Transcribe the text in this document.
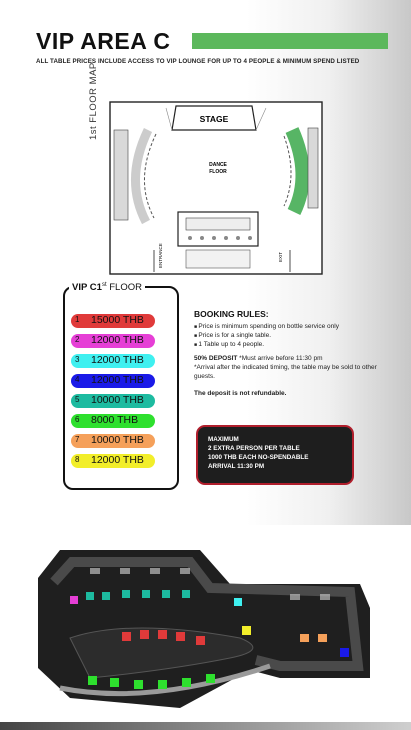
VIP AREA C
ALL TABLE PRICES INCLUDE ACCESS TO VIP LOUNGE FOR UP TO 4 PEOPLE & MINIMUM SPEND LISTED
1st FLOOR MAP	STAGE
DANCE
FLOOR
ENTRANCE	EXIT
VIP C1st FLOOR
1 15000 THB
2 12000 THB
3 12000 THB
4 12000 THB
5 10000 THB
6 8000 THB
7 10000 THB
8 12000 THB
BOOKING RULES:
■ Price is minimum spending on bottle service only
■ Price is for a single table.
■ 1 Table up to 4 people.
50% DEPOSIT *Must arrive before 11:30 pm
*Arrival after the indicated timing, the table may be sold to other guests.
The deposit is not refundable.
MAXIMUM
2 EXTRA PERSON PER TABLE
1000 THB EACH NO-SPENDABLE
ARRIVAL 11:30 PM
